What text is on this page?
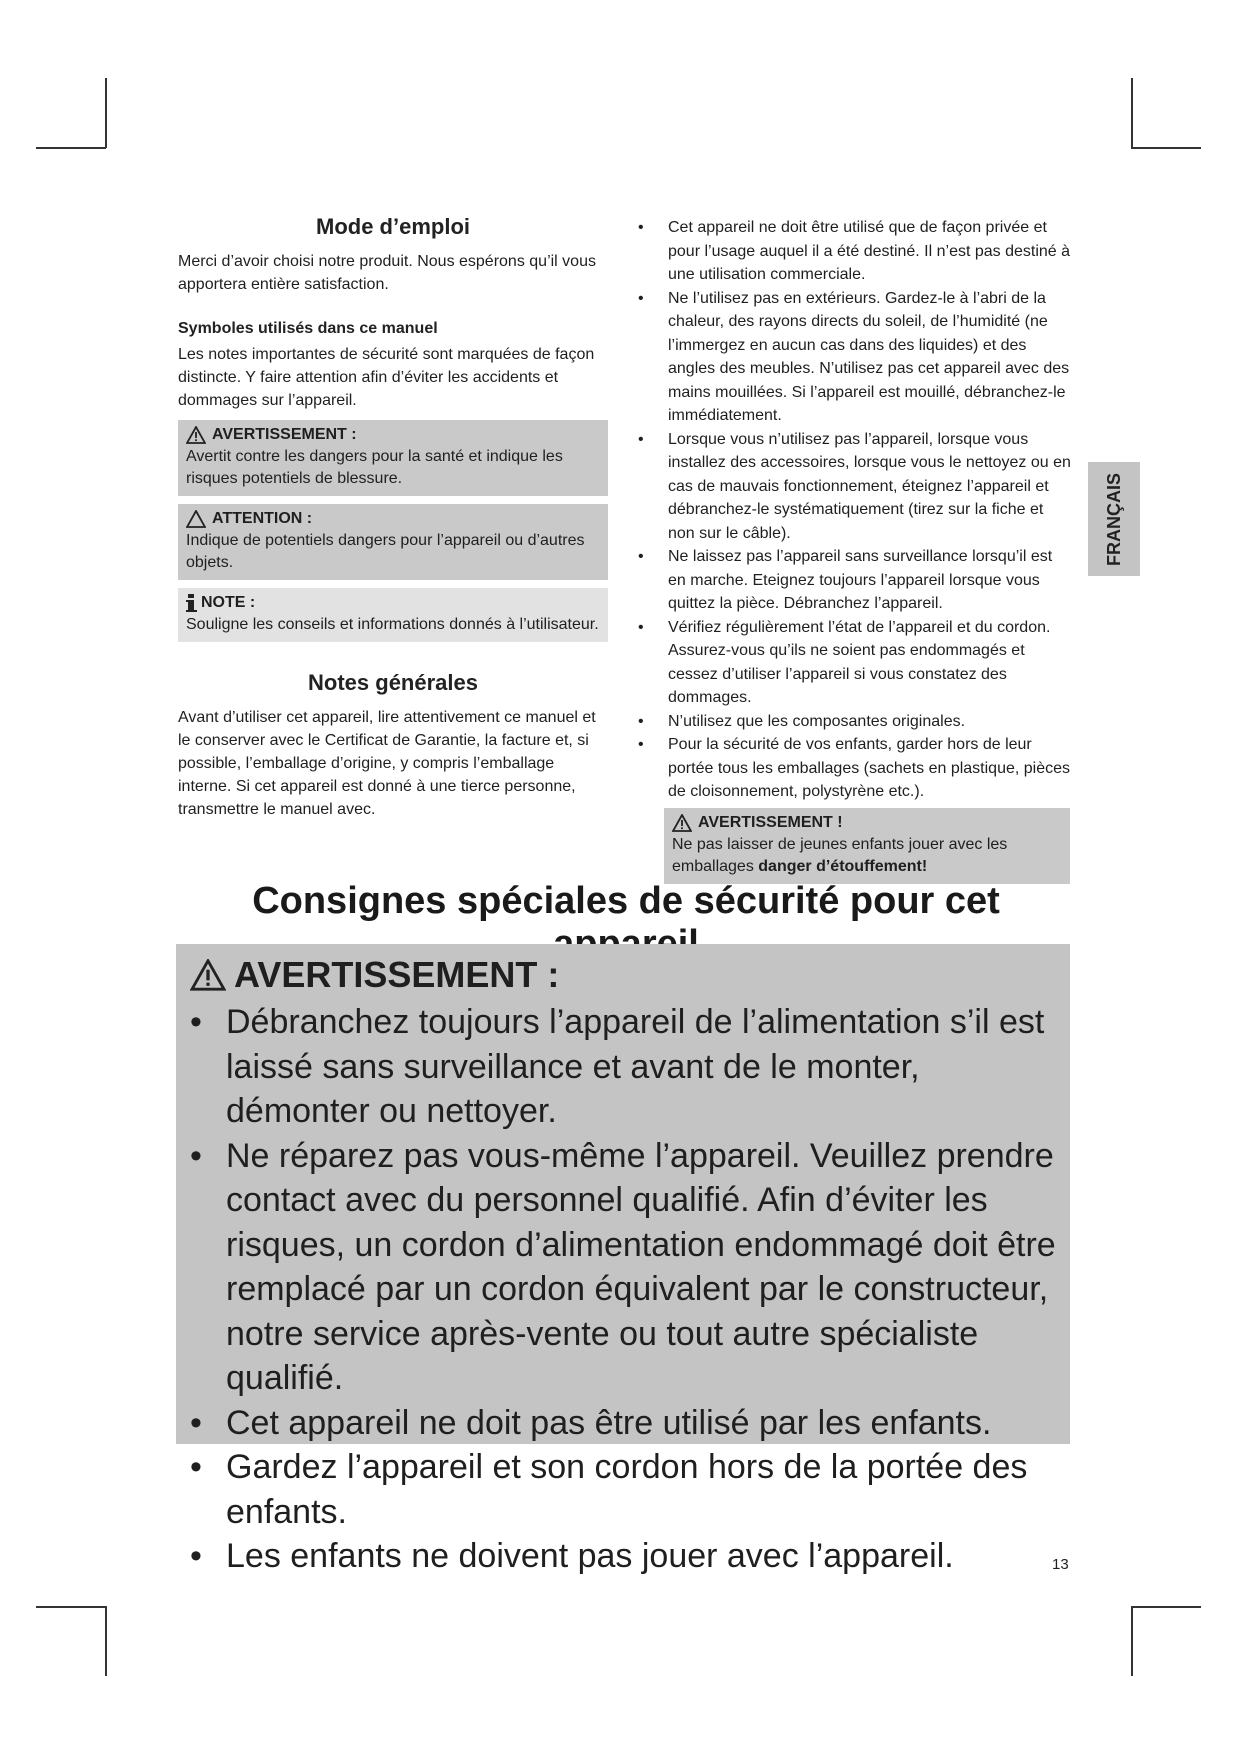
Mode d’emploi

Merci d’avoir choisi notre produit. Nous espérons qu’il vous apportera entière satisfaction.

Symboles utilisés dans ce manuel

Les notes importantes de sécurité sont marquées de façon distincte. Y faire attention afin d’éviter les accidents et dommages sur l’appareil.

AVERTISSEMENT :
Avertit contre les dangers pour la santé et indique les risques potentiels de blessure.
ATTENTION :
Indique de potentiels dangers pour l’appareil ou d’autres objets.
NOTE :
Souligne les conseils et informations donnés à l’utilisateur.
Notes générales

Avant d’utiliser cet appareil, lire attentivement ce manuel et le conserver avec le Certificat de Garantie, la facture et, si possible, l’emballage d’origine, y compris l’emballage interne. Si cet appareil est donné à une tierce personne, transmettre le manuel avec.

• Cet appareil ne doit être utilisé que de façon privée et pour l’usage auquel il a été destiné. Il n’est pas destiné à une utilisation commerciale.
• Ne l’utilisez pas en extérieurs. Gardez-le à l’abri de la chaleur, des rayons directs du soleil, de l’humidité (ne l’immergez en aucun cas dans des liquides) et des angles des meubles. N’utilisez pas cet appareil avec des mains mouillées. Si l’appareil est mouillé, débranchez-le immédiatement.
• Lorsque vous n’utilisez pas l’appareil, lorsque vous installez des accessoires, lorsque vous le nettoyez ou en cas de mauvais fonctionnement, éteignez l’appareil et débranchez-le systématiquement (tirez sur la fiche et non sur le câble).
• Ne laissez pas l’appareil sans surveillance lorsqu’il est en marche. Eteignez toujours l’appareil lorsque vous quittez la pièce. Débranchez l’appareil.
• Vérifiez régulièrement l’état de l’appareil et du cordon. Assurez-vous qu’ils ne soient pas endommagés et cessez d’utiliser l’appareil si vous constatez des dommages.
• N’utilisez que les composantes originales.
• Pour la sécurité de vos enfants, garder hors de leur portée tous les emballages (sachets en plastique, pièces de cloisonnement, polystyrène etc.).
AVERTISSEMENT !
Ne pas laisser de jeunes enfants jouer avec les emballages danger d’étouffement!
FRANÇAIS
Consignes spéciales de sécurité pour cet
AVERTISSEMENT :
• Débranchez toujours l’appareil de l’alimentation s’il est laissé sans surveillance et avant de le monter, démonter ou nettoyer.
• Ne réparez pas vous-même l’appareil. Veuillez prendre contact avec du personnel qualifié. Afin d’éviter les risques, un cordon d’alimentation endommagé doit être remplacé par un cordon équivalent par le constructeur, notre service après-vente ou tout autre spécialiste qualifié.
• Cet appareil ne doit pas être utilisé par les enfants.
• Gardez l’appareil et son cordon hors de la portée des enfants.
• Les enfants ne doivent pas jouer avec l’appareil.	13
